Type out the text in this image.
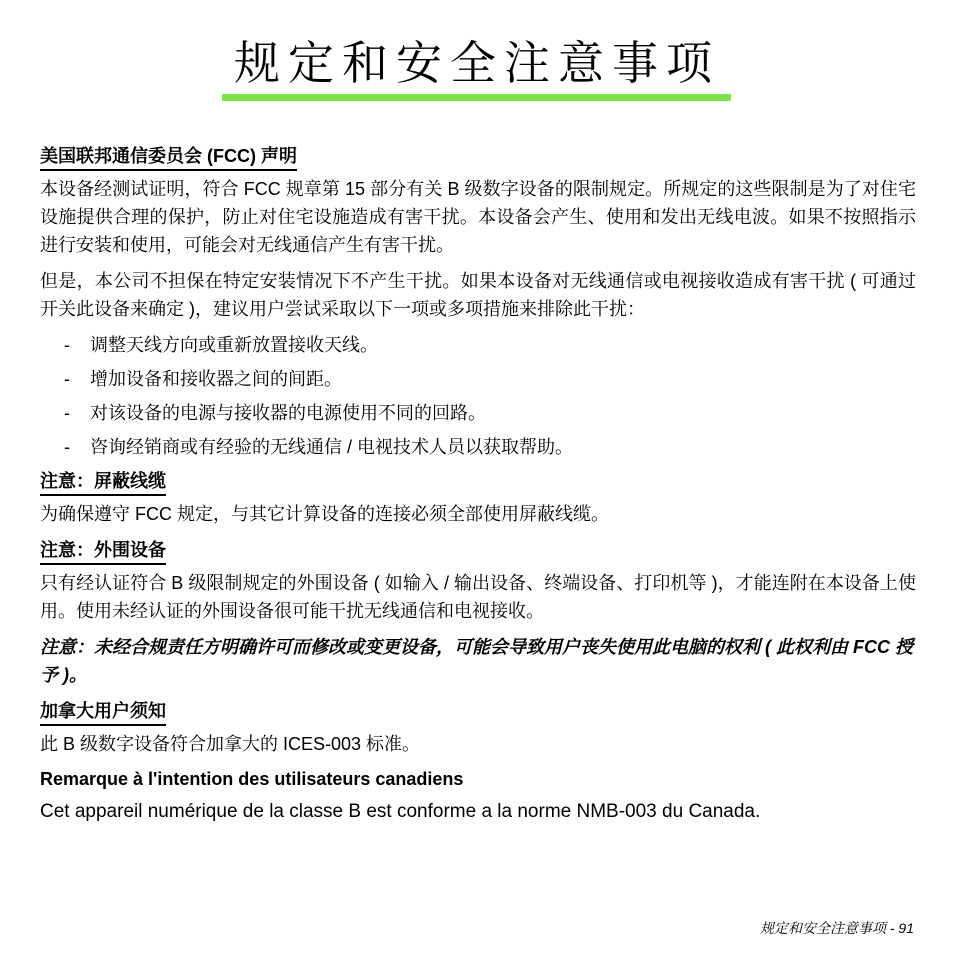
规定和安全注意事项
美国联邦通信委员会 (FCC) 声明

本设备经测试证明，符合 FCC 规章第 15 部分有关 B 级数字设备的限制规定。所规定的这些限制是为了对住宅设施提供合理的保护，防止对住宅设施造成有害干扰。本设备会产生、使用和发出无线电波。如果不按照指示进行安装和使用，可能会对无线通信产生有害干扰。

但是，本公司不担保在特定安装情况下不产生干扰。如果本设备对无线通信或电视接收造成有害干扰 ( 可通过开关此设备来确定 )，建议用户尝试采取以下一项或多项措施来排除此干扰：

- 调整天线方向或重新放置接收天线。
- 增加设备和接收器之间的间距。
- 对该设备的电源与接收器的电源使用不同的回路。
- 咨询经销商或有经验的无线通信 / 电视技术人员以获取帮助。
注意：屏蔽线缆

为确保遵守 FCC 规定，与其它计算设备的连接必须全部使用屏蔽线缆。

注意：外围设备

只有经认证符合 B 级限制规定的外围设备 ( 如输入 / 输出设备、终端设备、打印机等 )，才能连附在本设备上使用。使用未经认证的外围设备很可能干扰无线通信和电视接收。

注意：未经合规责任方明确许可而修改或变更设备，可能会导致用户丧失使用此电脑的权利 ( 此权利由 FCC 授予 )。

加拿大用户须知

此 B 级数字设备符合加拿大的 ICES-003 标准。

Remarque à l'intention des utilisateurs canadiens

Cet appareil numérique de la classe B est conforme a la norme NMB-003 du Canada.

规定和安全注意事项 - 91
